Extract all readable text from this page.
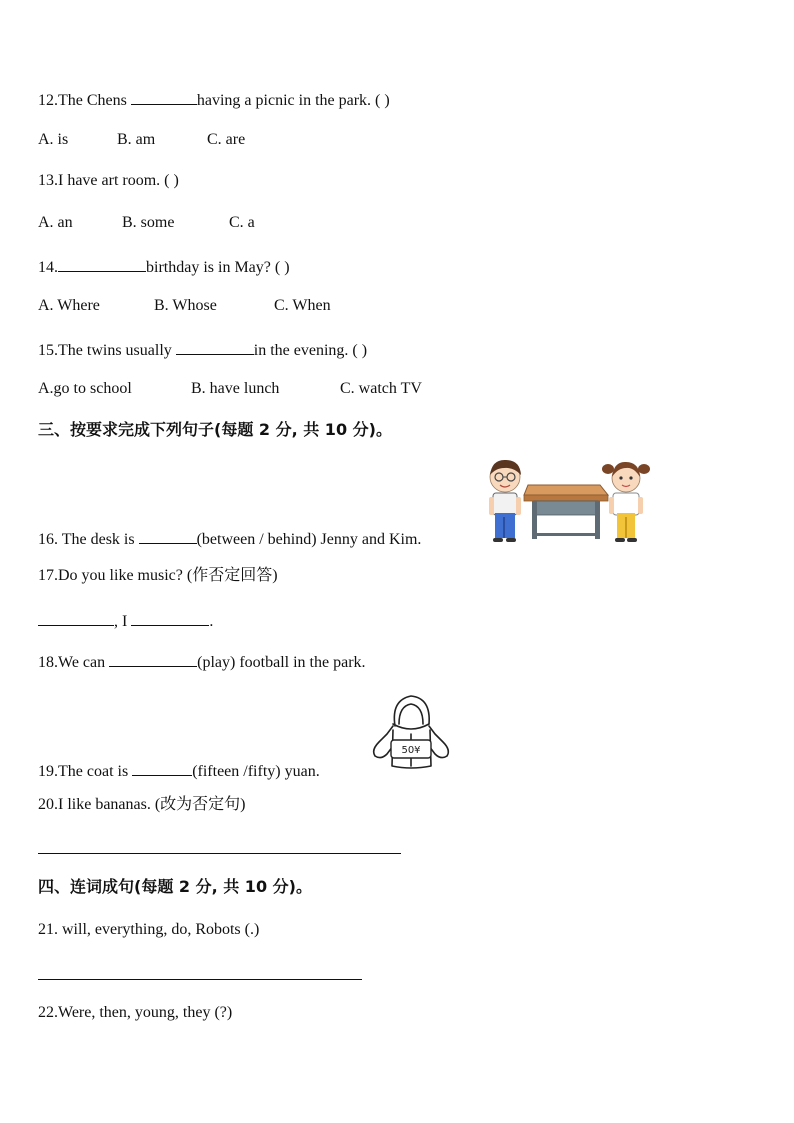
12.The Chens	having a picnic in the park. ( )
A. is	B. am	C. are
13.I have art room. ( )
A. an	B. some	C. a
14.	birthday is in May? ( )
A. Where	B. Whose	C. When
15.The twins usually	in the evening. ( )
A.go to school	B. have lunch	C. watch TV
三、按要求完成下列句子(每题 2 分, 共 10 分)。
16. The desk is	(between / behind) Jenny and Kim.
17.Do you like music? (作否定回答)
, I	.
18.We can	(play) football in the park.
50¥
19.The coat is	(fifteen /fifty) yuan.
20.I like bananas. (改为否定句)
四、连词成句(每题 2 分, 共 10 分)。
21. will, everything, do, Robots (.)
22.Were, then, young, they (?)
